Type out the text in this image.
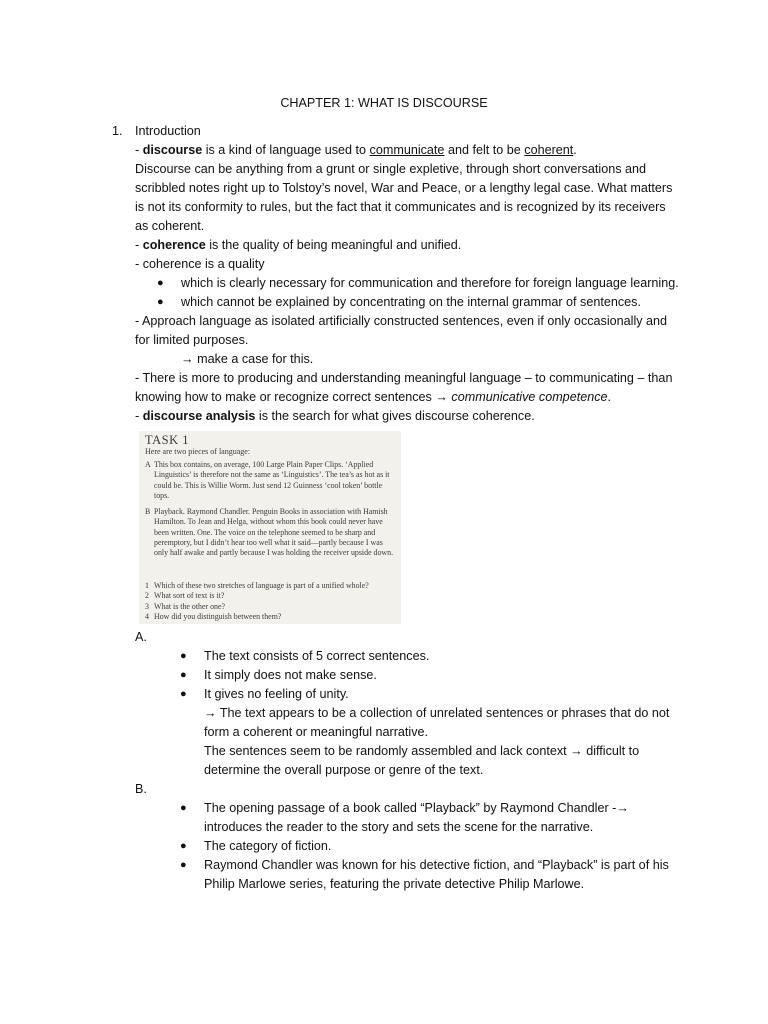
CHAPTER 1: WHAT IS DISCOURSE

1. Introduction

- discourse is a kind of language used to communicate and felt to be coherent.

Discourse can be anything from a grunt or single expletive, through short conversations and scribbled notes right up to Tolstoy’s novel, War and Peace, or a lengthy legal case. What matters is not its conformity to rules, but the fact that it communicates and is recognized by its receivers as coherent.

- coherence is the quality of being meaningful and unified.

- coherence is a quality

● which is clearly necessary for communication and therefore for foreign language learning.
● which cannot be explained by concentrating on the internal grammar of sentences.

- Approach language as isolated artificially constructed sentences, even if only occasionally and for limited purposes.

→ make a case for this.

- There is more to producing and understanding meaningful language – to communicating – than knowing how to make or recognize correct sentences → communicative competence.

- discourse analysis is the search for what gives discourse coherence.

TASK 1
Here are two pieces of language:
A This box contains, on average, 100 Large Plain Paper Clips. ‘Applied Linguistics’ is therefore not the same as ‘Linguistics’. The tea’s as hot as it could be. This is Willie Worm. Just send 12 Guinness ‘cool token’ bottle tops.
B Playback. Raymond Chandler. Penguin Books in association with Hamish Hamilton. To Jean and Helga, without whom this book could never have been written. One. The voice on the telephone seemed to be sharp and peremptory, but I didn’t hear too well what it said—partly because I was only half awake and partly because I was holding the receiver upside down.
1 Which of these two stretches of language is part of a unified whole?
2 What sort of text is it?
3 What is the other one?
4 How did you distinguish between them?

A.

● The text consists of 5 correct sentences.
● It simply does not make sense.
● It gives no feeling of unity.

→ The text appears to be a collection of unrelated sentences or phrases that do not form a coherent or meaningful narrative.

The sentences seem to be randomly assembled and lack context → difficult to determine the overall purpose or genre of the text.

B.

● The opening passage of a book called “Playback” by Raymond Chandler -→ introduces the reader to the story and sets the scene for the narrative.
● The category of fiction.
● Raymond Chandler was known for his detective fiction, and “Playback” is part of his Philip Marlowe series, featuring the private detective Philip Marlowe.
